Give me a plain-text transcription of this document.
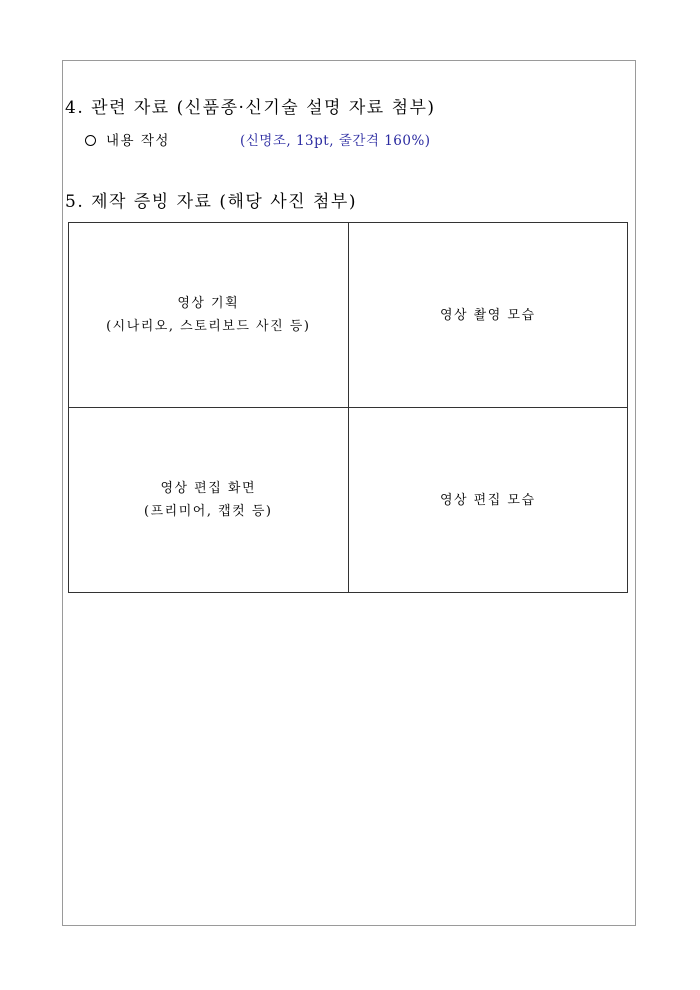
4. 관련 자료 (신품종·신기술 설명 자료 첨부)
내용 작성	(신명조, 13pt, 줄간격 160%)
5. 제작 증빙 자료 (해당 사진 첨부)
영상 기획
(시나리오, 스토리보드 사진 등)	영상 촬영 모습

영상 편집 화면
(프리미어, 캡컷 등)	영상 편집 모습
